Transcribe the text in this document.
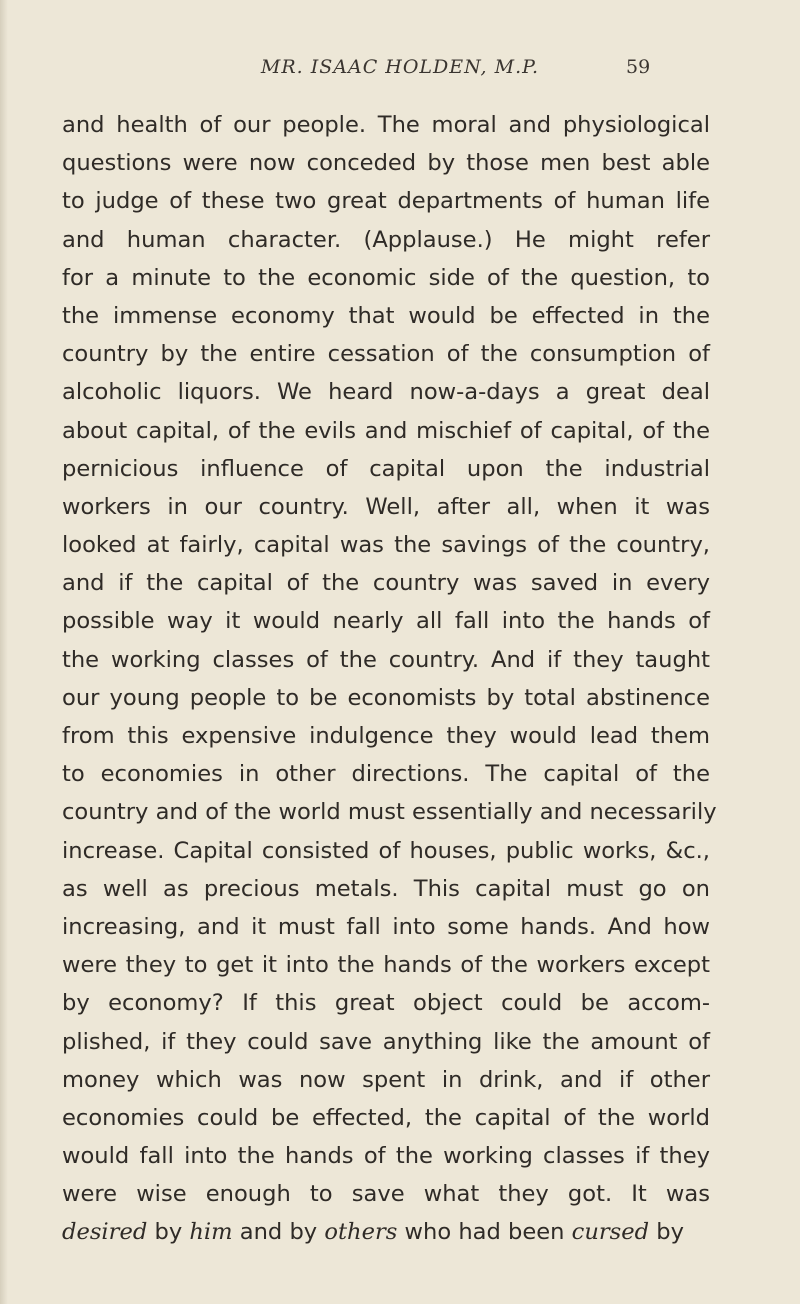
MR. ISAAC HOLDEN, M.P.	59
and health of our people. The moral and physiological
questions were now conceded by those men best able
to judge of these two great departments of human life
and human character. (Applause.) He might refer
for a minute to the economic side of the question, to
the immense economy that would be effected in the
country by the entire cessation of the consumption of
alcoholic liquors. We heard now-a-days a great deal
about capital, of the evils and mischief of capital, of the
pernicious influence of capital upon the industrial
workers in our country. Well, after all, when it was
looked at fairly, capital was the savings of the country,
and if the capital of the country was saved in every
possible way it would nearly all fall into the hands of
the working classes of the country. And if they taught
our young people to be economists by total abstinence
from this expensive indulgence they would lead them
to economies in other directions. The capital of the
country and of the world must essentially and necessarily
increase. Capital consisted of houses, public works, &c.,
as well as precious metals. This capital must go on
increasing, and it must fall into some hands. And how
were they to get it into the hands of the workers except
by economy? If this great object could be accom-
plished, if they could save anything like the amount of
money which was now spent in drink, and if other
economies could be effected, the capital of the world
would fall into the hands of the working classes if they
were wise enough to save what they got. It was
desired by him and by others who had been cursed by
